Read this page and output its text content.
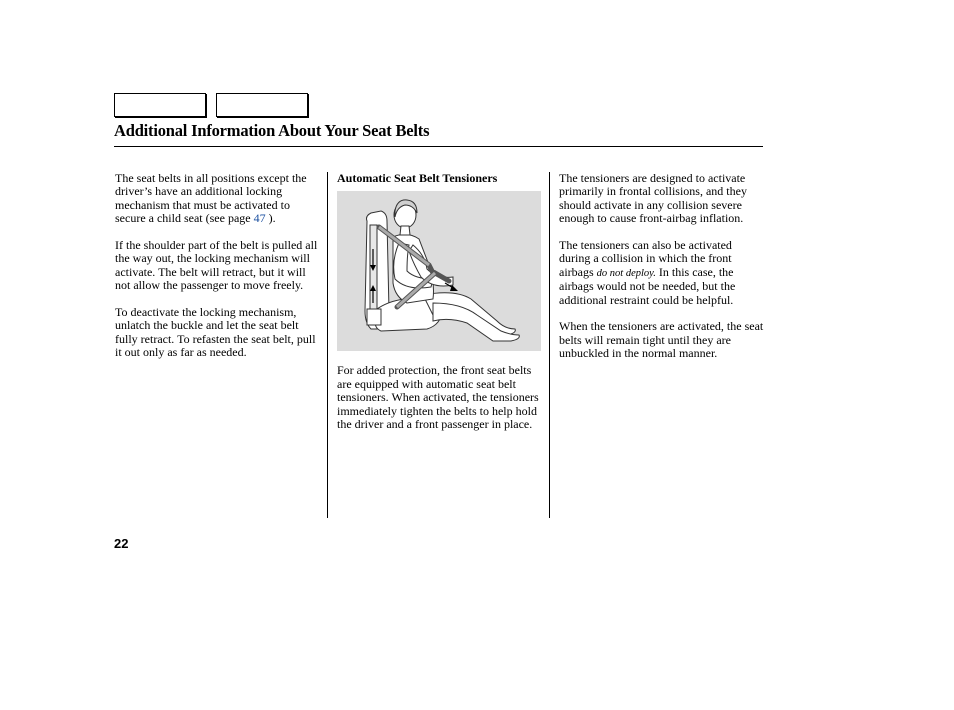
Additional Information About Your Seat Belts

The seat belts in all positions except the driver’s have an additional locking mechanism that must be activated to secure a child seat (see page 47 ).

If the shoulder part of the belt is pulled all the way out, the locking mechanism will activate. The belt will retract, but it will not allow the passenger to move freely.

To deactivate the locking mechanism, unlatch the buckle and let the seat belt fully retract. To refasten the seat belt, pull it out only as far as needed.

Automatic Seat Belt Tensioners

For added protection, the front seat belts are equipped with automatic seat belt tensioners. When activated, the tensioners immediately tighten the belts to help hold the driver and a front passenger in place.

The tensioners are designed to activate primarily in frontal collisions, and they should activate in any collision severe enough to cause front-airbag inflation.

The tensioners can also be activated during a collision in which the front airbags do not deploy. In this case, the airbags would not be needed, but the additional restraint could be helpful.

When the tensioners are activated, the seat belts will remain tight until they are unbuckled in the normal manner.

22
